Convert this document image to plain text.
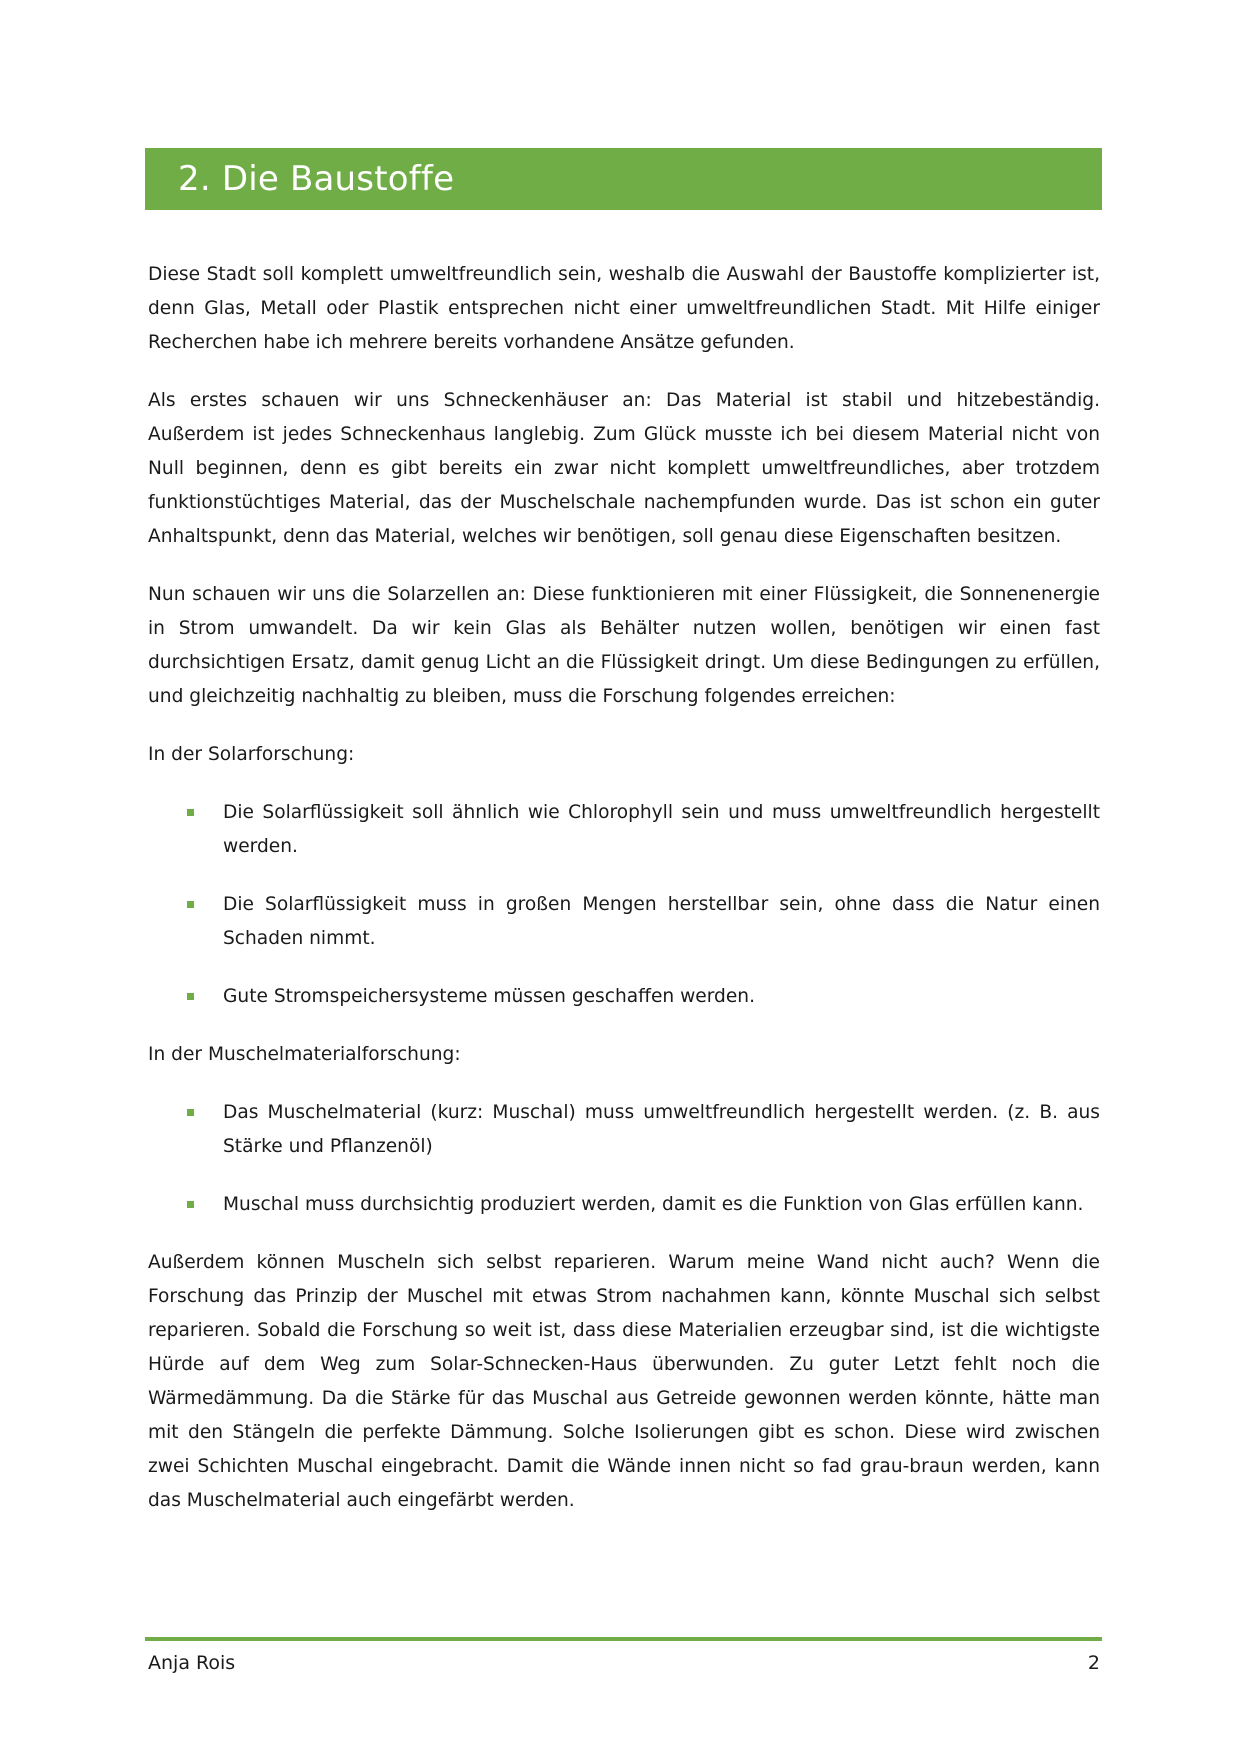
2. Die Baustoffe

Diese Stadt soll komplett umweltfreundlich sein, weshalb die Auswahl der Baustoffe komplizierter ist, denn Glas, Metall oder Plastik entsprechen nicht einer umweltfreundlichen Stadt. Mit Hilfe einiger Recherchen habe ich mehrere bereits vorhandene Ansätze gefunden.

Als erstes schauen wir uns Schneckenhäuser an: Das Material ist stabil und hitzebeständig. Außerdem ist jedes Schneckenhaus langlebig. Zum Glück musste ich bei diesem Material nicht von Null beginnen, denn es gibt bereits ein zwar nicht komplett umweltfreundliches, aber trotzdem funktionstüchtiges Material, das der Muschelschale nachempfunden wurde. Das ist schon ein guter Anhaltspunkt, denn das Material, welches wir benötigen, soll genau diese Eigenschaften besitzen.

Nun schauen wir uns die Solarzellen an: Diese funktionieren mit einer Flüssigkeit, die Sonnenenergie in Strom umwandelt. Da wir kein Glas als Behälter nutzen wollen, benötigen wir einen fast durchsichtigen Ersatz, damit genug Licht an die Flüssigkeit dringt. Um diese Bedingungen zu erfüllen, und gleichzeitig nachhaltig zu bleiben, muss die Forschung folgendes erreichen:

In der Solarforschung:

Die Solarflüssigkeit soll ähnlich wie Chlorophyll sein und muss umweltfreundlich hergestellt werden.
Die Solarflüssigkeit muss in großen Mengen herstellbar sein, ohne dass die Natur einen Schaden nimmt.
Gute Stromspeichersysteme müssen geschaffen werden.

In der Muschelmaterialforschung:

Das Muschelmaterial (kurz: Muschal) muss umweltfreundlich hergestellt werden. (z. B. aus Stärke und Pflanzenöl)
Muschal muss durchsichtig produziert werden, damit es die Funktion von Glas erfüllen kann.

Außerdem können Muscheln sich selbst reparieren. Warum meine Wand nicht auch? Wenn die Forschung das Prinzip der Muschel mit etwas Strom nachahmen kann, könnte Muschal sich selbst reparieren. Sobald die Forschung so weit ist, dass diese Materialien erzeugbar sind, ist die wichtigste Hürde auf dem Weg zum Solar-Schnecken-Haus überwunden. Zu guter Letzt fehlt noch die Wärmedämmung. Da die Stärke für das Muschal aus Getreide gewonnen werden könnte, hätte man mit den Stängeln die perfekte Dämmung. Solche Isolierungen gibt es schon. Diese wird zwischen zwei Schichten Muschal eingebracht. Damit die Wände innen nicht so fad grau-braun werden, kann das Muschelmaterial auch eingefärbt werden.

Anja Rois	2
